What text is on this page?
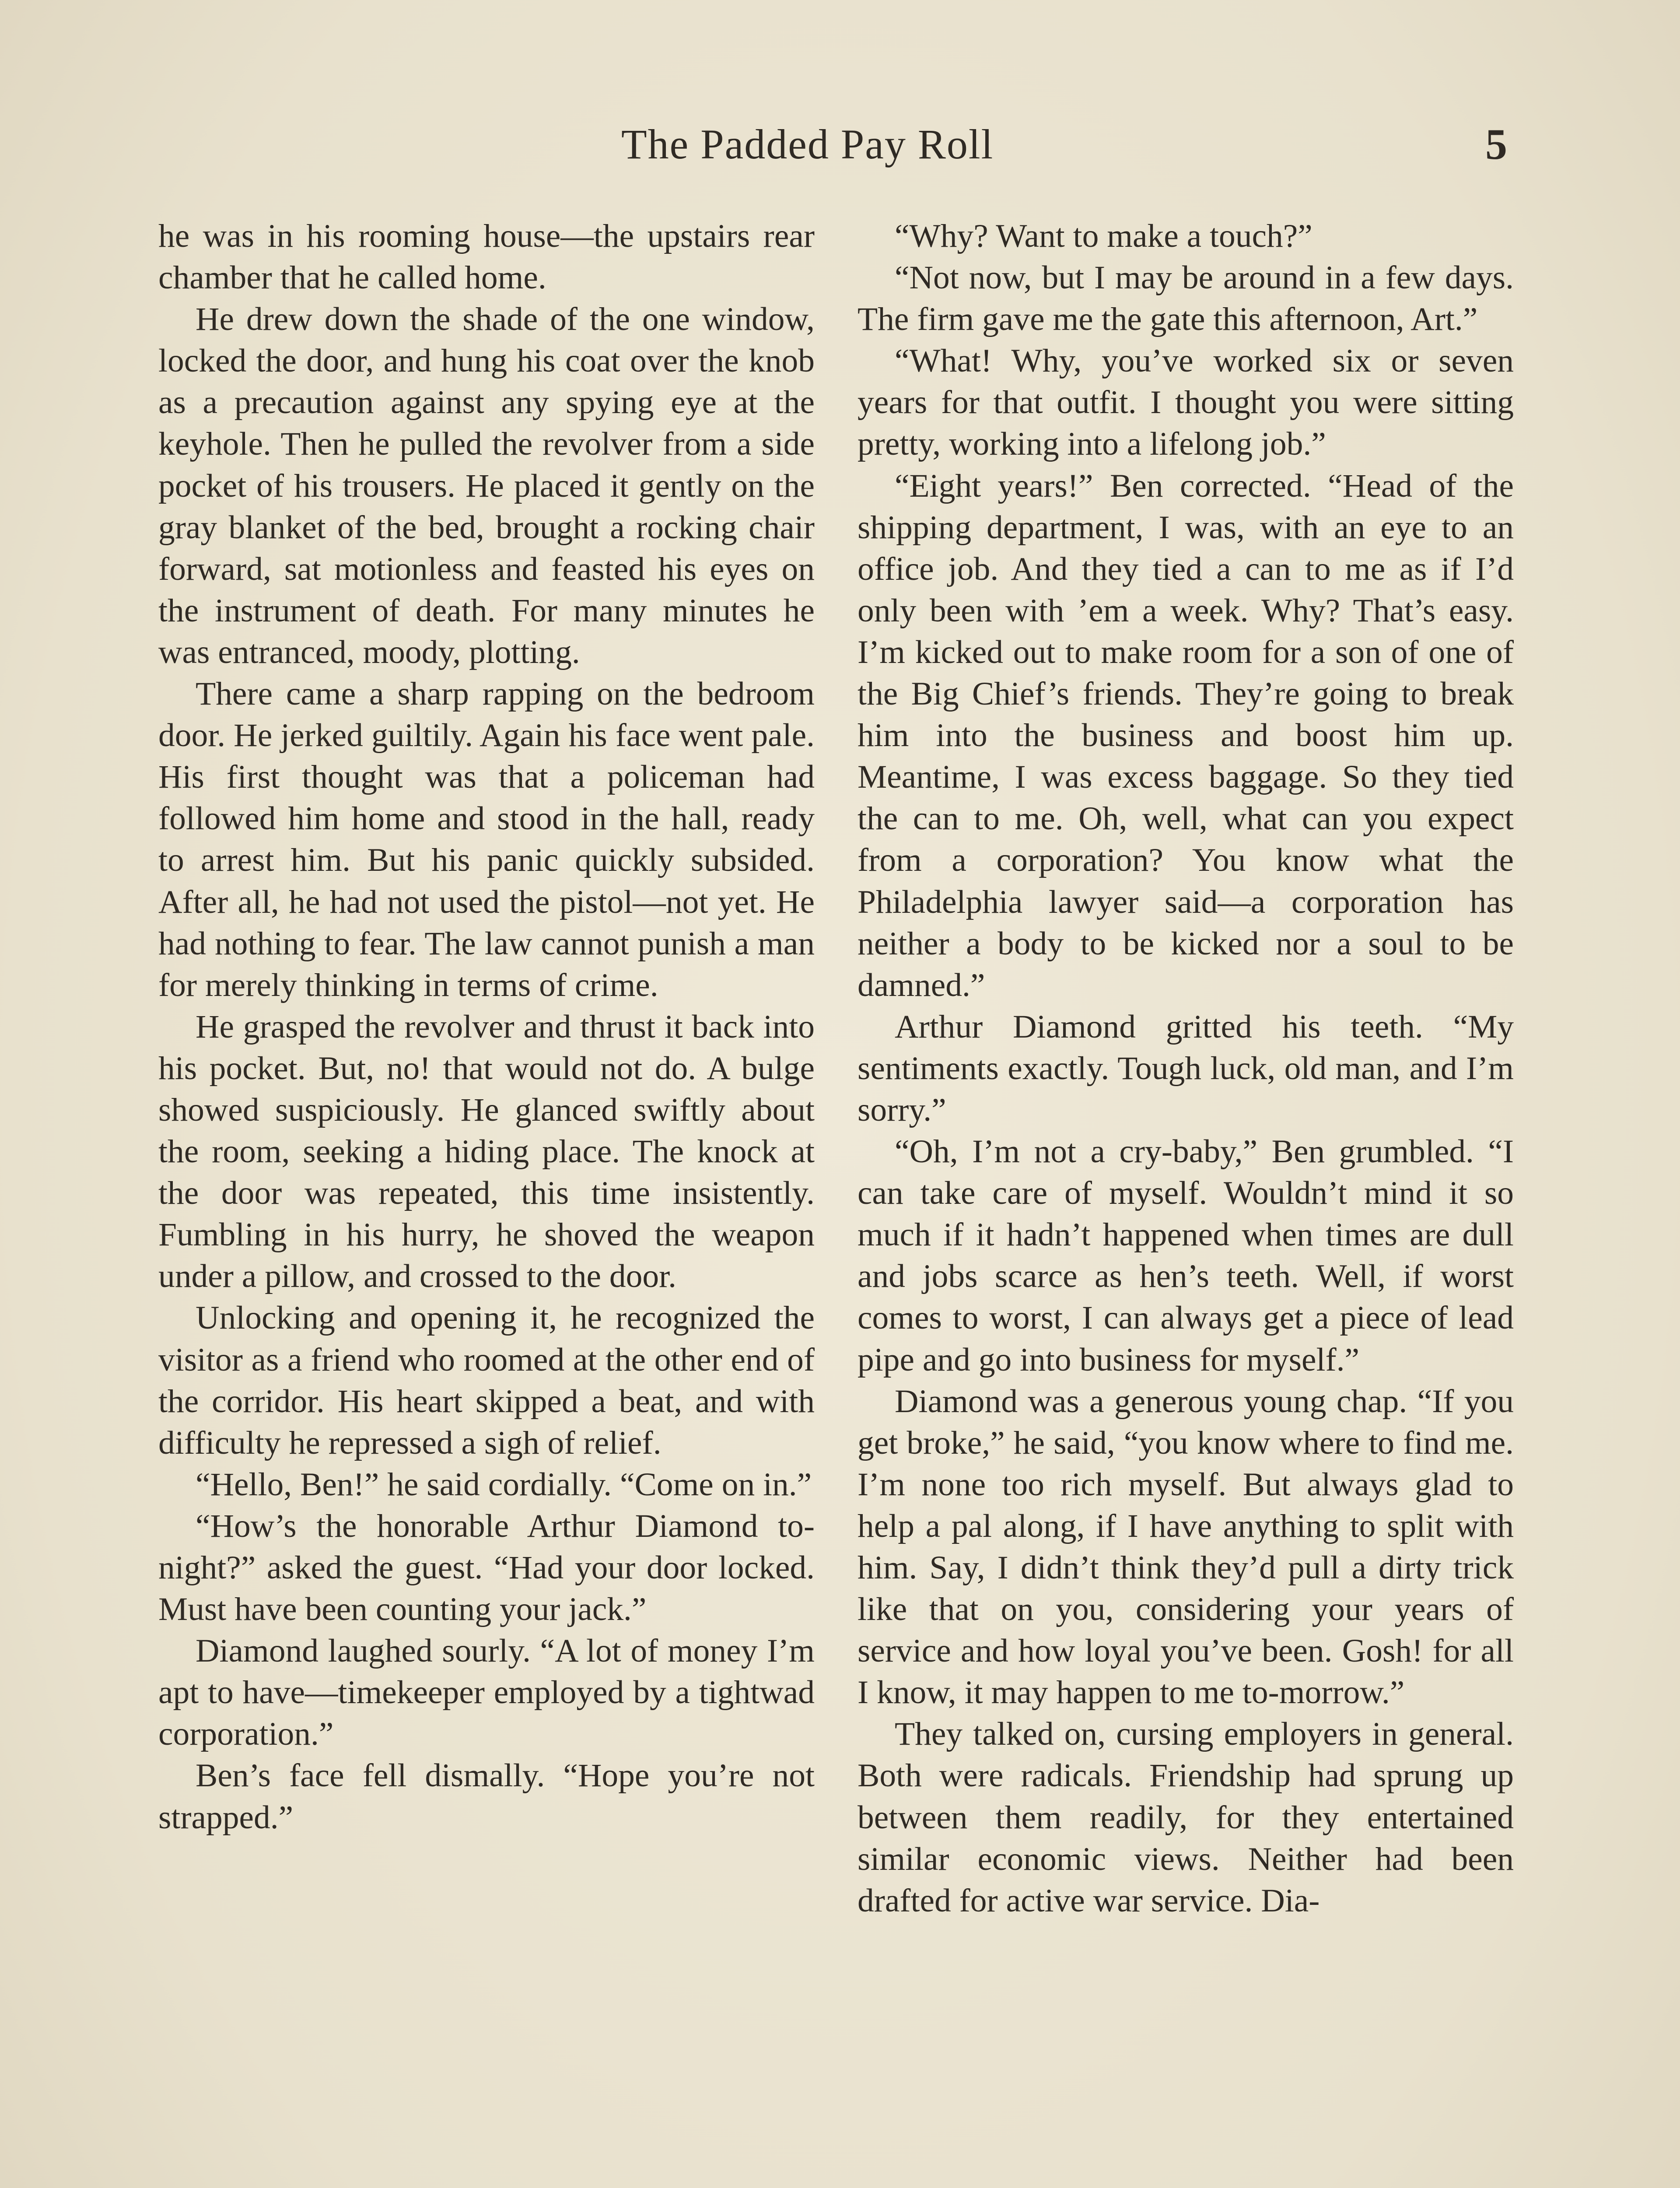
The Padded Pay Roll	5

he was in his rooming house—the upstairs rear chamber that he called home.

He drew down the shade of the one window, locked the door, and hung his coat over the knob as a precaution against any spying eye at the keyhole. Then he pulled the revolver from a side pocket of his trousers. He placed it gently on the gray blanket of the bed, brought a rocking chair forward, sat motionless and feasted his eyes on the instrument of death. For many minutes he was entranced, moody, plotting.

There came a sharp rapping on the bedroom door. He jerked guiltily. Again his face went pale. His first thought was that a policeman had followed him home and stood in the hall, ready to arrest him. But his panic quickly subsided. After all, he had not used the pistol—not yet. He had nothing to fear. The law cannot punish a man for merely thinking in terms of crime.

He grasped the revolver and thrust it back into his pocket. But, no! that would not do. A bulge showed suspiciously. He glanced swiftly about the room, seeking a hiding place. The knock at the door was repeated, this time insistently. Fumbling in his hurry, he shoved the weapon under a pillow, and crossed to the door.

Unlocking and opening it, he recognized the visitor as a friend who roomed at the other end of the corridor. His heart skipped a beat, and with difficulty he repressed a sigh of relief.

“Hello, Ben!” he said cordially. “Come on in.”

“How’s the honorable Arthur Diamond to-night?” asked the guest. “Had your door locked. Must have been counting your jack.”

Diamond laughed sourly. “A lot of money I’m apt to have—timekeeper employed by a tightwad corporation.”

Ben’s face fell dismally. “Hope you’re not strapped.”

“Why? Want to make a touch?”

“Not now, but I may be around in a few days. The firm gave me the gate this afternoon, Art.”

“What! Why, you’ve worked six or seven years for that outfit. I thought you were sitting pretty, working into a lifelong job.”

“Eight years!” Ben corrected. “Head of the shipping department, I was, with an eye to an office job. And they tied a can to me as if I’d only been with ’em a week. Why? That’s easy. I’m kicked out to make room for a son of one of the Big Chief’s friends. They’re going to break him into the business and boost him up. Meantime, I was excess baggage. So they tied the can to me. Oh, well, what can you expect from a corporation? You know what the Philadelphia lawyer said—a corporation has neither a body to be kicked nor a soul to be damned.”

Arthur Diamond gritted his teeth. “My sentiments exactly. Tough luck, old man, and I’m sorry.”

“Oh, I’m not a cry-baby,” Ben grumbled. “I can take care of myself. Wouldn’t mind it so much if it hadn’t happened when times are dull and jobs scarce as hen’s teeth. Well, if worst comes to worst, I can always get a piece of lead pipe and go into business for myself.”

Diamond was a generous young chap. “If you get broke,” he said, “you know where to find me. I’m none too rich myself. But always glad to help a pal along, if I have anything to split with him. Say, I didn’t think they’d pull a dirty trick like that on you, considering your years of service and how loyal you’ve been. Gosh! for all I know, it may happen to me to-morrow.”

They talked on, cursing employers in general. Both were radicals. Friendship had sprung up between them readily, for they entertained similar economic views. Neither had been drafted for active war service. Dia-
